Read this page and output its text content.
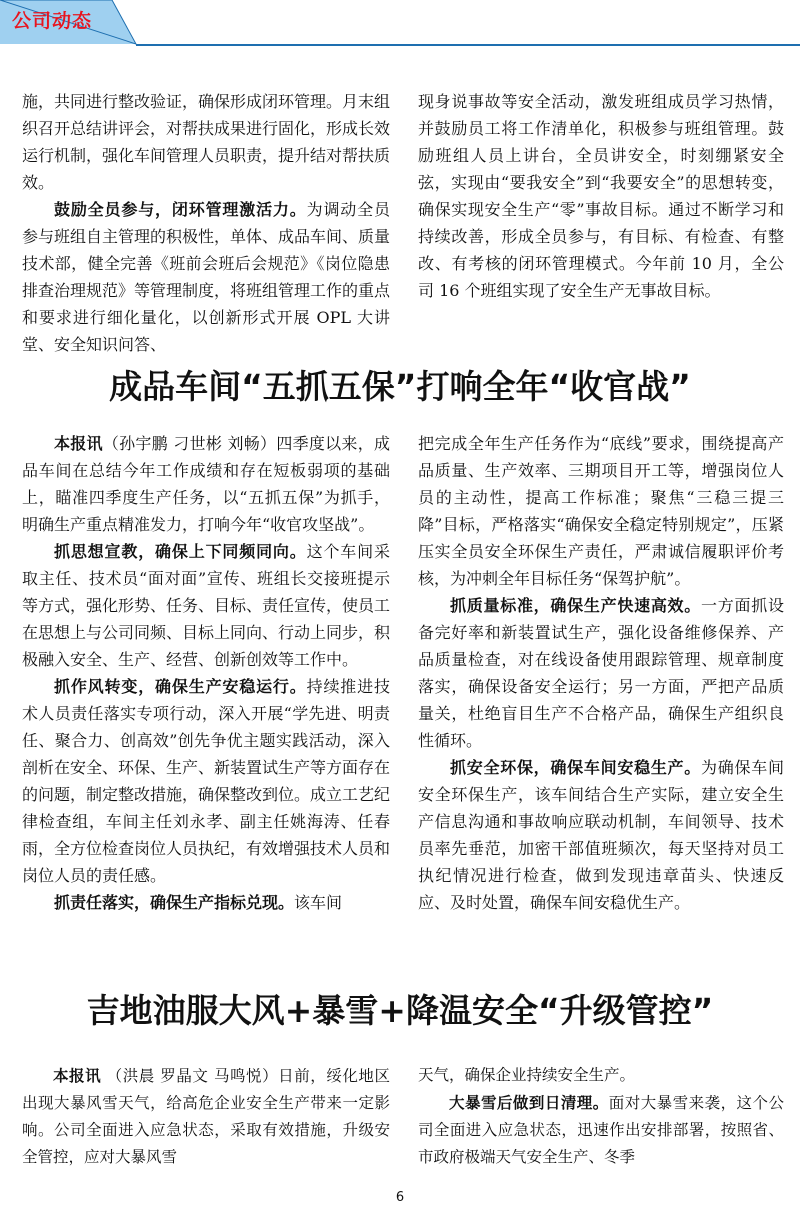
公司动态

施，共同进行整改验证，确保形成闭环管理。月末组织召开总结讲评会，对帮扶成果进行固化，形成长效运行机制，强化车间管理人员职责，提升结对帮扶质效。

鼓励全员参与，闭环管理激活力。为调动全员参与班组自主管理的积极性，单体、成品车间、质量技术部，健全完善《班前会班后会规范》《岗位隐患排查治理规范》等管理制度，将班组管理工作的重点和要求进行细化量化，以创新形式开展 OPL 大讲堂、安全知识问答、

现身说事故等安全活动，激发班组成员学习热情，并鼓励员工将工作清单化，积极参与班组管理。鼓励班组人员上讲台，全员讲安全，时刻绷紧安全弦，实现由“要我安全”到“我要安全”的思想转变，确保实现安全生产“零”事故目标。通过不断学习和持续改善，形成全员参与，有目标、有检查、有整改、有考核的闭环管理模式。今年前 10 月，全公司 16 个班组实现了安全生产无事故目标。

成品车间“五抓五保”打响全年“收官战”

本报讯（孙宇鹏 刁世彬 刘畅）四季度以来，成品车间在总结今年工作成绩和存在短板弱项的基础上，瞄准四季度生产任务，以“五抓五保”为抓手，明确生产重点精准发力，打响今年“收官攻坚战”。

抓思想宣教，确保上下同频同向。这个车间采取主任、技术员“面对面”宣传、班组长交接班提示等方式，强化形势、任务、目标、责任宣传，使员工在思想上与公司同频、目标上同向、行动上同步，积极融入安全、生产、经营、创新创效等工作中。

抓作风转变，确保生产安稳运行。持续推进技术人员责任落实专项行动，深入开展“学先进、明责任、聚合力、创高效”创先争优主题实践活动，深入剖析在安全、环保、生产、新装置试生产等方面存在的问题，制定整改措施，确保整改到位。成立工艺纪律检查组，车间主任刘永孝、副主任姚海涛、任春雨，全方位检查岗位人员执纪，有效增强技术人员和岗位人员的责任感。

抓责任落实，确保生产指标兑现。该车间

把完成全年生产任务作为“底线”要求，围绕提高产品质量、生产效率、三期项目开工等，增强岗位人员的主动性，提高工作标准；聚焦“三稳三提三降”目标，严格落实“确保安全稳定特别规定”，压紧压实全员安全环保生产责任，严肃诚信履职评价考核，为冲刺全年目标任务“保驾护航”。

抓质量标准，确保生产快速高效。一方面抓设备完好率和新装置试生产，强化设备维修保养、产品质量检查，对在线设备使用跟踪管理、规章制度落实，确保设备安全运行；另一方面，严把产品质量关，杜绝盲目生产不合格产品，确保生产组织良性循环。

抓安全环保，确保车间安稳生产。为确保车间安全环保生产，该车间结合生产实际，建立安全生产信息沟通和事故响应联动机制，车间领导、技术员率先垂范，加密干部值班频次，每天坚持对员工执纪情况进行检查，做到发现违章苗头、快速反应、及时处置，确保车间安稳优生产。

吉地油服大风+暴雪+降温安全“升级管控”

本报讯 （洪晨 罗晶文 马鸣悦）日前，绥化地区出现大暴风雪天气，给高危企业安全生产带来一定影响。公司全面进入应急状态，采取有效措施，升级安全管控，应对大暴风雪

天气，确保企业持续安全生产。

大暴雪后做到日清理。面对大暴雪来袭，这个公司全面进入应急状态，迅速作出安排部署，按照省、市政府极端天气安全生产、冬季

6
